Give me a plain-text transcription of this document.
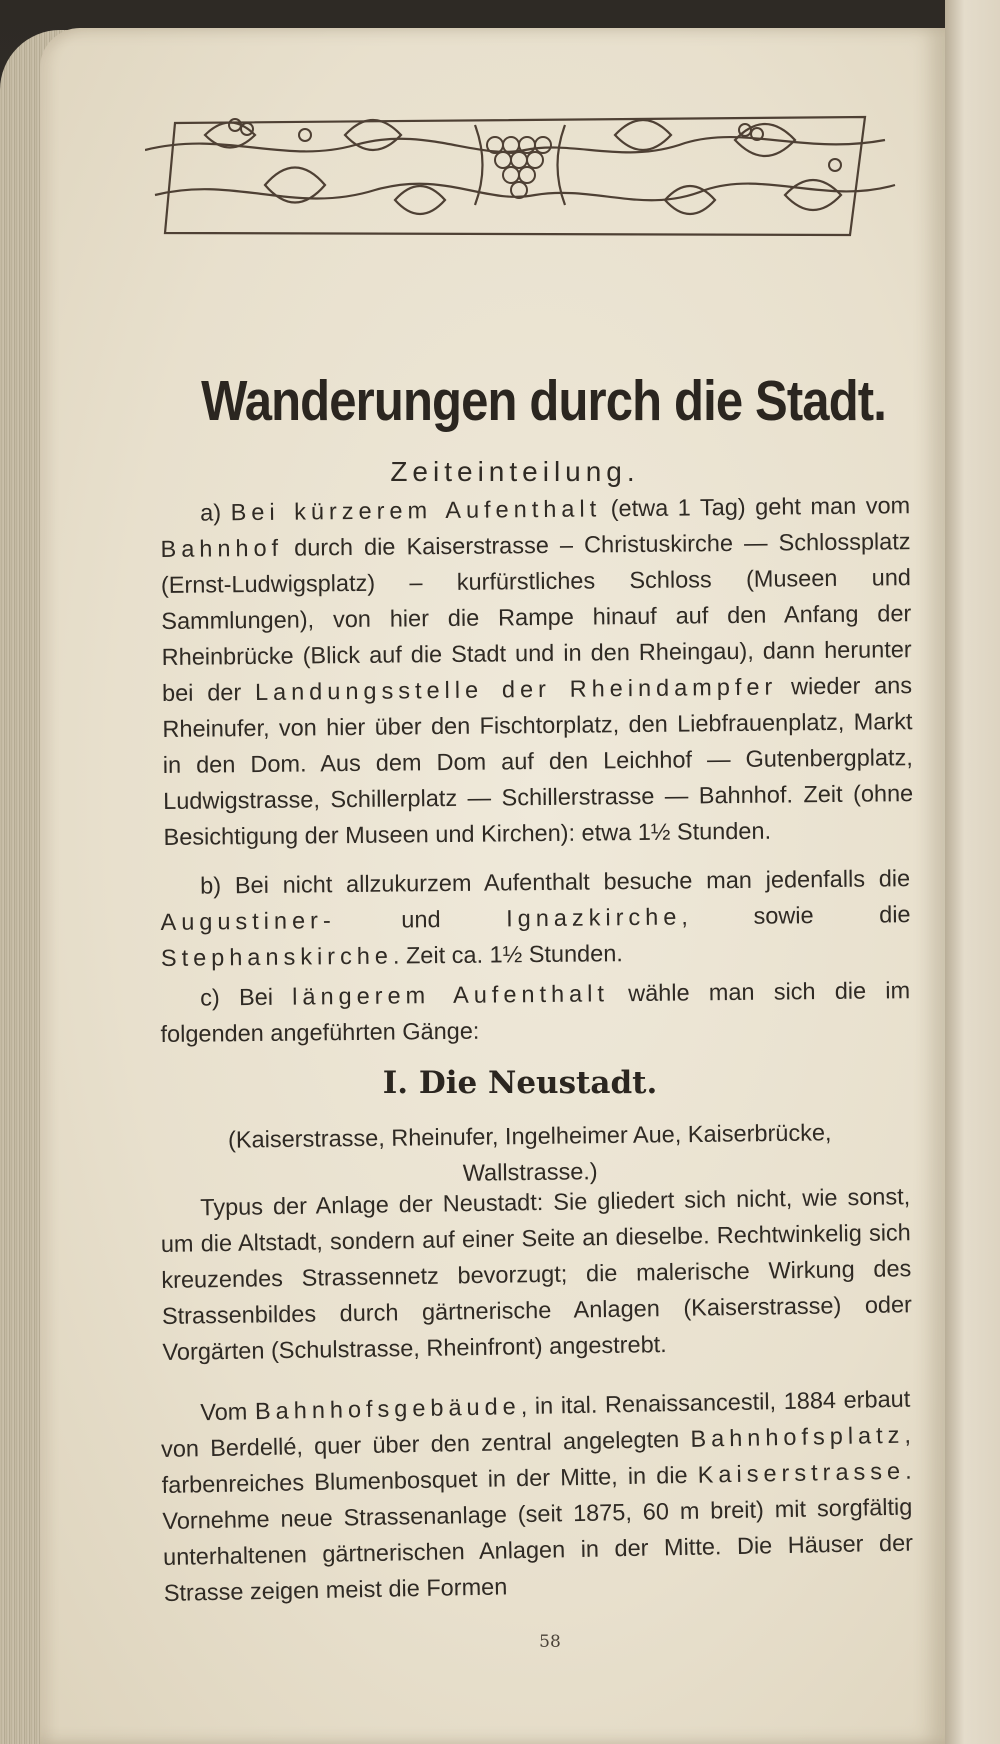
Wanderungen durch die Stadt.
Zeiteinteilung.

a) Bei kürzerem Aufenthalt (etwa 1 Tag) geht man vom Bahnhof durch die Kaiserstrasse – Christuskirche — Schlossplatz (Ernst-Ludwigsplatz) – kurfürstliches Schloss (Museen und Sammlungen), von hier die Rampe hinauf auf den Anfang der Rheinbrücke (Blick auf die Stadt und in den Rheingau), dann herunter bei der Landungsstelle der Rheindampfer wieder ans Rheinufer, von hier über den Fischtorplatz, den Liebfrauenplatz, Markt in den Dom. Aus dem Dom auf den Leichhof — Gutenbergplatz, Ludwigstrasse, Schillerplatz — Schillerstrasse — Bahnhof. Zeit (ohne Besichtigung der Museen und Kirchen): etwa 1½ Stunden.

b) Bei nicht allzukurzem Aufenthalt besuche man jedenfalls die Augustiner- und Ignazkirche, sowie die Stephanskirche. Zeit ca. 1½ Stunden.

c) Bei längerem Aufenthalt wähle man sich die im folgenden angeführten Gänge:

I. Die Neustadt.
(Kaiserstrasse, Rheinufer, Ingelheimer Aue, Kaiserbrücke, Wallstrasse.)

Typus der Anlage der Neustadt: Sie gliedert sich nicht, wie sonst, um die Altstadt, sondern auf einer Seite an dieselbe. Rechtwinkelig sich kreuzendes Strassennetz bevorzugt; die malerische Wirkung des Strassenbildes durch gärtnerische Anlagen (Kaiserstrasse) oder Vorgärten (Schulstrasse, Rheinfront) angestrebt.

Vom Bahnhofsgebäude, in ital. Renaissancestil, 1884 erbaut von Berdellé, quer über den zentral angelegten Bahnhofsplatz, farbenreiches Blumenbosquet in der Mitte, in die Kaiserstrasse. Vornehme neue Strassenanlage (seit 1875, 60 m breit) mit sorgfältig unterhaltenen gärtnerischen Anlagen in der Mitte. Die Häuser der Strasse zeigen meist die Formen

58
